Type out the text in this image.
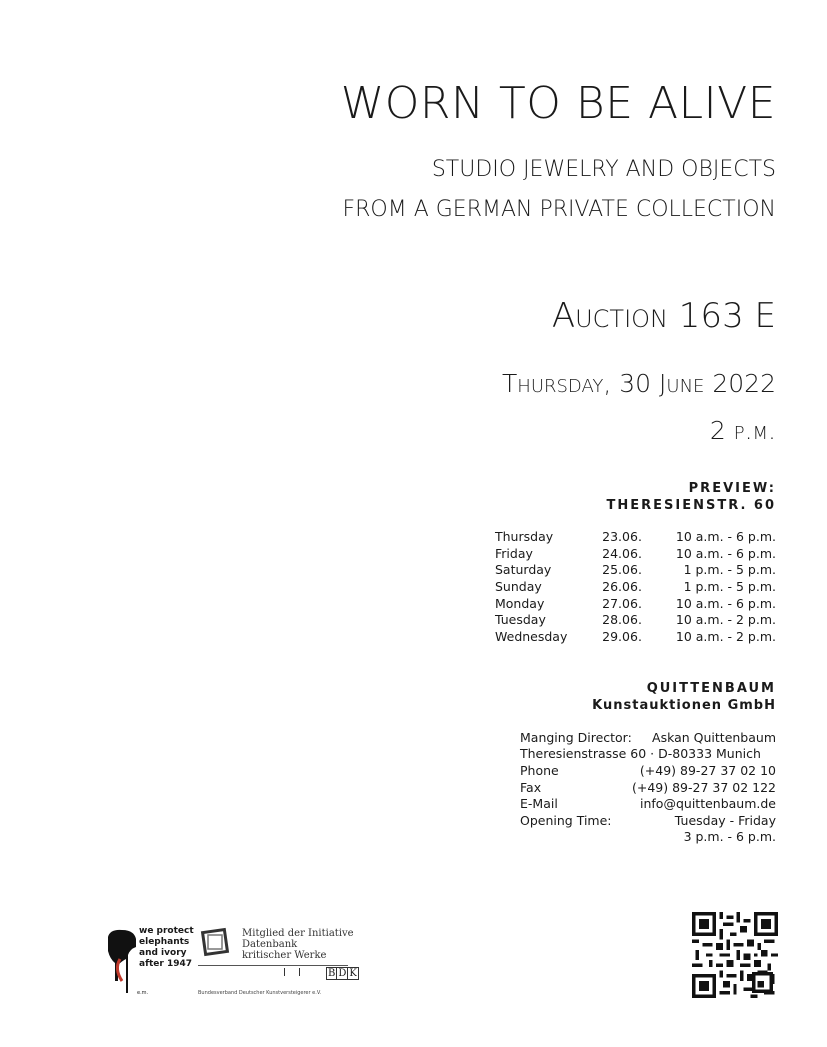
WORN TO BE ALIVE
STUDIO JEWELRY AND OBJECTS
FROM A GERMAN PRIVATE COLLECTION
Auction 163 E
Thursday, 30 June 2022
2 p.m.
PREVIEW:
THERESIENSTR. 60
Thursday	23.06.	10 a.m. - 6 p.m.
Friday	24.06.	10 a.m. - 6 p.m.
Saturday	25.06.	1 p.m. - 5 p.m.
Sunday	26.06.	1 p.m. - 5 p.m.
Monday	27.06.	10 a.m. - 6 p.m.
Tuesday	28.06.	10 a.m. - 2 p.m.
Wednesday	29.06.	10 a.m. - 2 p.m.
QUITTENBAUM
Kunstauktionen GmbH
Manging Director:	Askan Quittenbaum
Theresienstrasse 60 · D-80333 Munich	
Phone	(+49) 89-27 37 02 10
Fax	(+49) 89-27 37 02 122
E-Mail	info@quittenbaum.de
Opening Time:	Tuesday - Friday
	3 p.m. - 6 p.m.
we protect
elephants
and ivory
after 1947
e.m.
Mitglied der Initiative
Datenbank
kritischer Werke
B D K
Bundesverband Deutscher Kunstversteigerer e.V.
